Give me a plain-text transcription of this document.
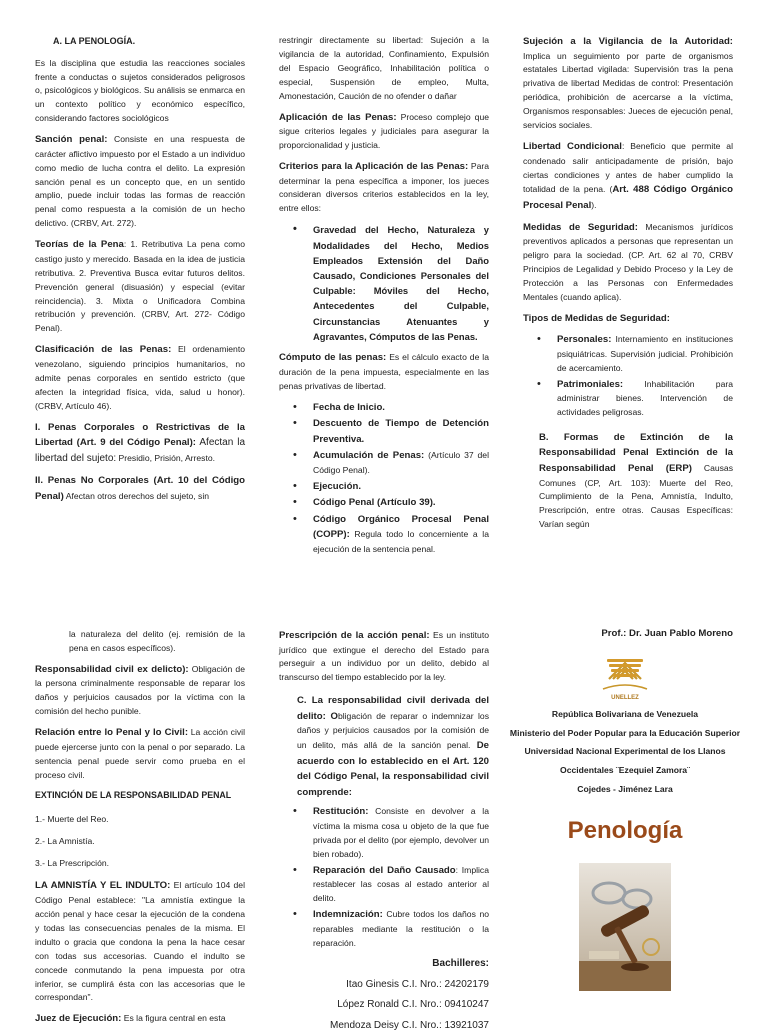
A. LA PENOLOGÍA.

Es la disciplina que estudia las reacciones sociales frente a conductas o sujetos considerados peligrosos o, psicológicos y biológicos. Su análisis se enmarca en un contexto político y económico específico, considerando factores sociológicos

Sanción penal: Consiste en una respuesta de carácter aflictivo impuesto por el Estado a un individuo como medio de lucha contra el delito. La expresión sanción penal es un concepto que, en un sentido amplio, puede incluir todas las formas de reacción penal como respuesta a la comisión de un hecho delictivo. (CRBV, Art. 272).

Teorías de la Pena: 1. Retributiva La pena como castigo justo y merecido. Basada en la idea de justicia retributiva. 2. Preventiva Busca evitar futuros delitos. Prevención general (disuasión) y especial (evitar reincidencia). 3. Mixta o Unificadora Combina retribución y prevención. (CRBV, Art. 272- Código Penal).

Clasificación de las Penas: El ordenamiento venezolano, siguiendo principios humanitarios, no admite penas corporales en sentido estricto (que afecten la integridad física, vida, salud u honor). (CRBV, Artículo 46).

I. Penas Corporales o Restrictivas de la Libertad (Art. 9 del Código Penal): Afectan la libertad del sujeto: Presidio, Prisión, Arresto.

II. Penas No Corporales (Art. 10 del Código Penal) Afectan otros derechos del sujeto, sin

restringir directamente su libertad: Sujeción a la vigilancia de la autoridad, Confinamiento, Expulsión del Espacio Geográfico, Inhabilitación política o especial, Suspensión de empleo, Multa, Amonestación, Caución de no ofender o dañar

Aplicación de las Penas: Proceso complejo que sigue criterios legales y judiciales para asegurar la proporcionalidad y justicia.

Criterios para la Aplicación de las Penas: Para determinar la pena específica a imponer, los jueces consideran diversos criterios establecidos en la ley, entre ellos:

• Gravedad del Hecho, Naturaleza y Modalidades del Hecho, Medios Empleados Extensión del Daño Causado, Condiciones Personales del Culpable: Móviles del Hecho, Antecedentes del Culpable, Circunstancias Atenuantes y Agravantes, Cómputos de las Penas.

Cómputo de las penas: Es el cálculo exacto de la duración de la pena impuesta, especialmente en las penas privativas de libertad.

• Fecha de Inicio.
• Descuento de Tiempo de Detención Preventiva.
• Acumulación de Penas: (Artículo 37 del Código Penal).
• Ejecución.
• Código Penal (Artículo 39).
• Código Orgánico Procesal Penal (COPP): Regula todo lo concerniente a la ejecución de la sentencia penal.

Sujeción a la Vigilancia de la Autoridad: Implica un seguimiento por parte de organismos estatales Libertad vigilada: Supervisión tras la pena privativa de libertad Medidas de control: Presentación periódica, prohibición de acercarse a la víctima, Organismos responsables: Jueces de ejecución penal, servicios sociales.

Libertad Condicional: Beneficio que permite al condenado salir anticipadamente de prisión, bajo ciertas condiciones y antes de haber cumplido la totalidad de la pena. (Art. 488 Código Orgánico Procesal Penal).

Medidas de Seguridad: Mecanismos jurídicos preventivos aplicados a personas que representan un peligro para la sociedad. (CP. Art. 62 al 70, CRBV Principios de Legalidad y Debido Proceso y la Ley de Protección a las Personas con Enfermedades Mentales (cuando aplica).

Tipos de Medidas de Seguridad:

• Personales: Internamiento en instituciones psiquiátricas. Supervisión judicial. Prohibición de acercamiento.
• Patrimoniales: Inhabilitación para administrar bienes. Intervención de actividades peligrosas.

B. Formas de Extinción de la Responsabilidad Penal Extinción de la Responsabilidad Penal (ERP) Causas Comunes (CP, Art. 103): Muerte del Reo, Cumplimiento de la Pena, Amnistía, Indulto, Prescripción, entre otras. Causas Específicas: Varían según

la naturaleza del delito (ej. remisión de la pena en casos específicos).

Responsabilidad civil ex delicto): Obligación de la persona criminalmente responsable de reparar los daños y perjuicios causados por la víctima con la comisión del hecho punible.

Relación entre lo Penal y lo Civil: La acción civil puede ejercerse junto con la penal o por separado. La sentencia penal puede servir como prueba en el proceso civil.

EXTINCIÓN DE LA RESPONSABILIDAD PENAL

1.- Muerte del Reo.

2.- La Amnistía.

3.- La Prescripción.

LA AMNISTÍA Y EL INDULTO: El artículo 104 del Código Penal establece: "La amnistía extingue la acción penal y hace cesar la ejecución de la condena y todas las consecuencias penales de la misma. El indulto o gracia que condona la pena la hace cesar con todas sus accesorias. Cuando el indulto se concede conmutando la pena impuesta por otra inferior, se cumplirá ésta con las accesorias que le correspondan".

Juez de Ejecución: Es la figura central en esta

Prescripción de la acción penal: Es un instituto jurídico que extingue el derecho del Estado para perseguir a un individuo por un delito, debido al transcurso del tiempo establecido por la ley.

C. La responsabilidad civil derivada del delito: Obligación de reparar o indemnizar los daños y perjuicios causados por la comisión de un delito, más allá de la sanción penal. De acuerdo con lo establecido en el Art. 120 del Código Penal, la responsabilidad civil comprende:

• Restitución: Consiste en devolver a la víctima la misma cosa u objeto de la que fue privada por el delito (por ejemplo, devolver un bien robado).
• Reparación del Daño Causado: Implica restablecer las cosas al estado anterior al delito.
• Indemnización: Cubre todos los daños no reparables mediante la restitución o la reparación.
Bachilleres:
Itao Ginesis C.I. Nro.: 24202179
López Ronald C.I. Nro.: 09410247
Mendoza Deisy C.I. Nro.: 13921037
Prof.: Dr. Juan Pablo Moreno
UNELLEZ
República Bolivariana de Venezuela
Ministerio del Poder Popular para la Educación Superior
Universidad Nacional Experimental de los Llanos
Occidentales ¨Ezequiel Zamora¨
Cojedes - Jiménez Lara
Penología
